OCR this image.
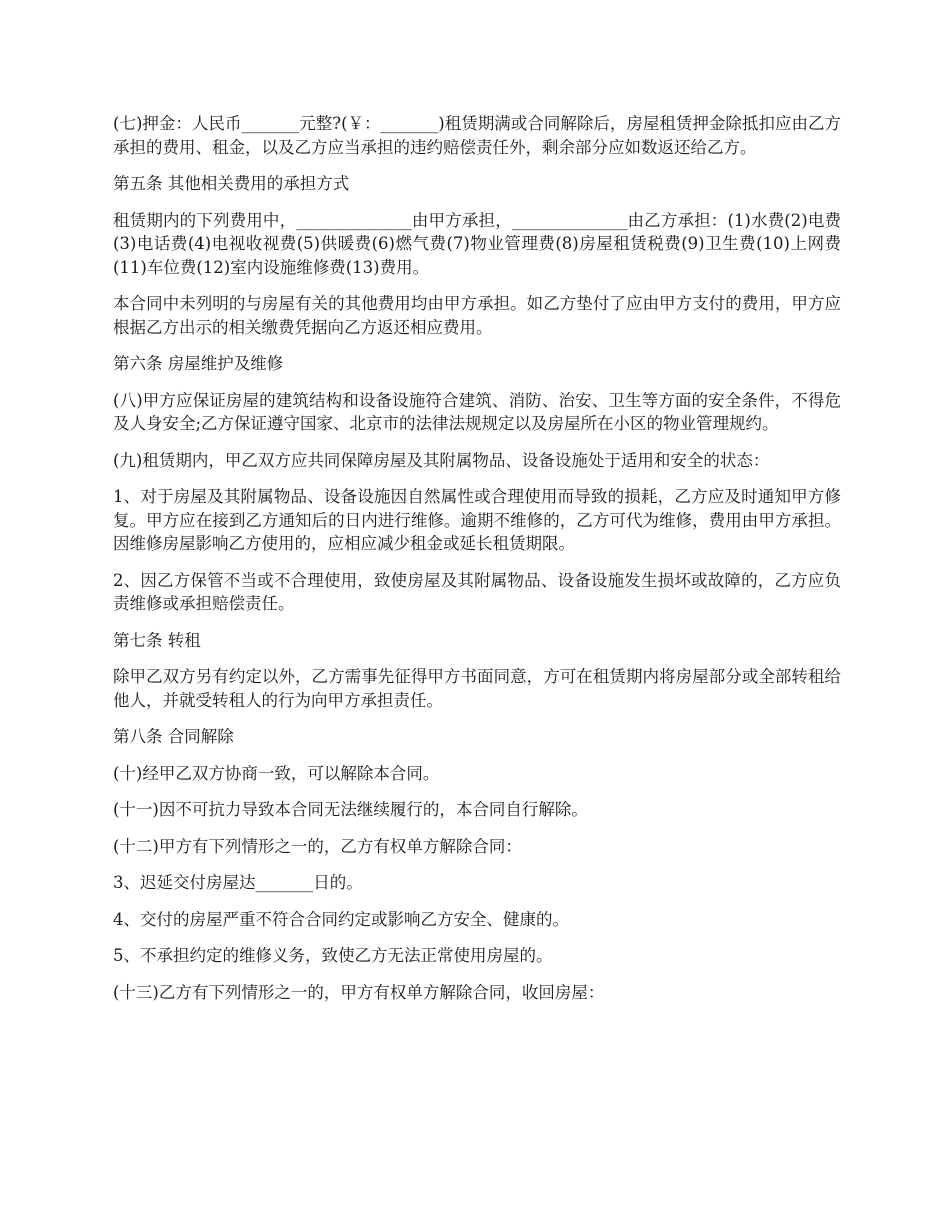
(七)押金：人民币_______元整?(￥：_______)租赁期满或合同解除后，房屋租赁押金除抵扣应由乙方承担的费用、租金，以及乙方应当承担的违约赔偿责任外，剩余部分应如数返还给乙方。

第五条 其他相关费用的承担方式

租赁期内的下列费用中，______________由甲方承担，______________由乙方承担：(1)水费(2)电费(3)电话费(4)电视收视费(5)供暖费(6)燃气费(7)物业管理费(8)房屋租赁税费(9)卫生费(10)上网费(11)车位费(12)室内设施维修费(13)费用。

本合同中未列明的与房屋有关的其他费用均由甲方承担。如乙方垫付了应由甲方支付的费用，甲方应根据乙方出示的相关缴费凭据向乙方返还相应费用。

第六条 房屋维护及维修

(八)甲方应保证房屋的建筑结构和设备设施符合建筑、消防、治安、卫生等方面的安全条件，不得危及人身安全;乙方保证遵守国家、北京市的法律法规规定以及房屋所在小区的物业管理规约。

(九)租赁期内，甲乙双方应共同保障房屋及其附属物品、设备设施处于适用和安全的状态：

1、对于房屋及其附属物品、设备设施因自然属性或合理使用而导致的损耗，乙方应及时通知甲方修复。甲方应在接到乙方通知后的日内进行维修。逾期不维修的，乙方可代为维修，费用由甲方承担。因维修房屋影响乙方使用的，应相应减少租金或延长租赁期限。

2、因乙方保管不当或不合理使用，致使房屋及其附属物品、设备设施发生损坏或故障的，乙方应负责维修或承担赔偿责任。

第七条 转租

除甲乙双方另有约定以外，乙方需事先征得甲方书面同意，方可在租赁期内将房屋部分或全部转租给他人，并就受转租人的行为向甲方承担责任。

第八条 合同解除

(十)经甲乙双方协商一致，可以解除本合同。

(十一)因不可抗力导致本合同无法继续履行的，本合同自行解除。

(十二)甲方有下列情形之一的，乙方有权单方解除合同：

3、迟延交付房屋达_______日的。

4、交付的房屋严重不符合合同约定或影响乙方安全、健康的。

5、不承担约定的维修义务，致使乙方无法正常使用房屋的。

(十三)乙方有下列情形之一的，甲方有权单方解除合同，收回房屋：
